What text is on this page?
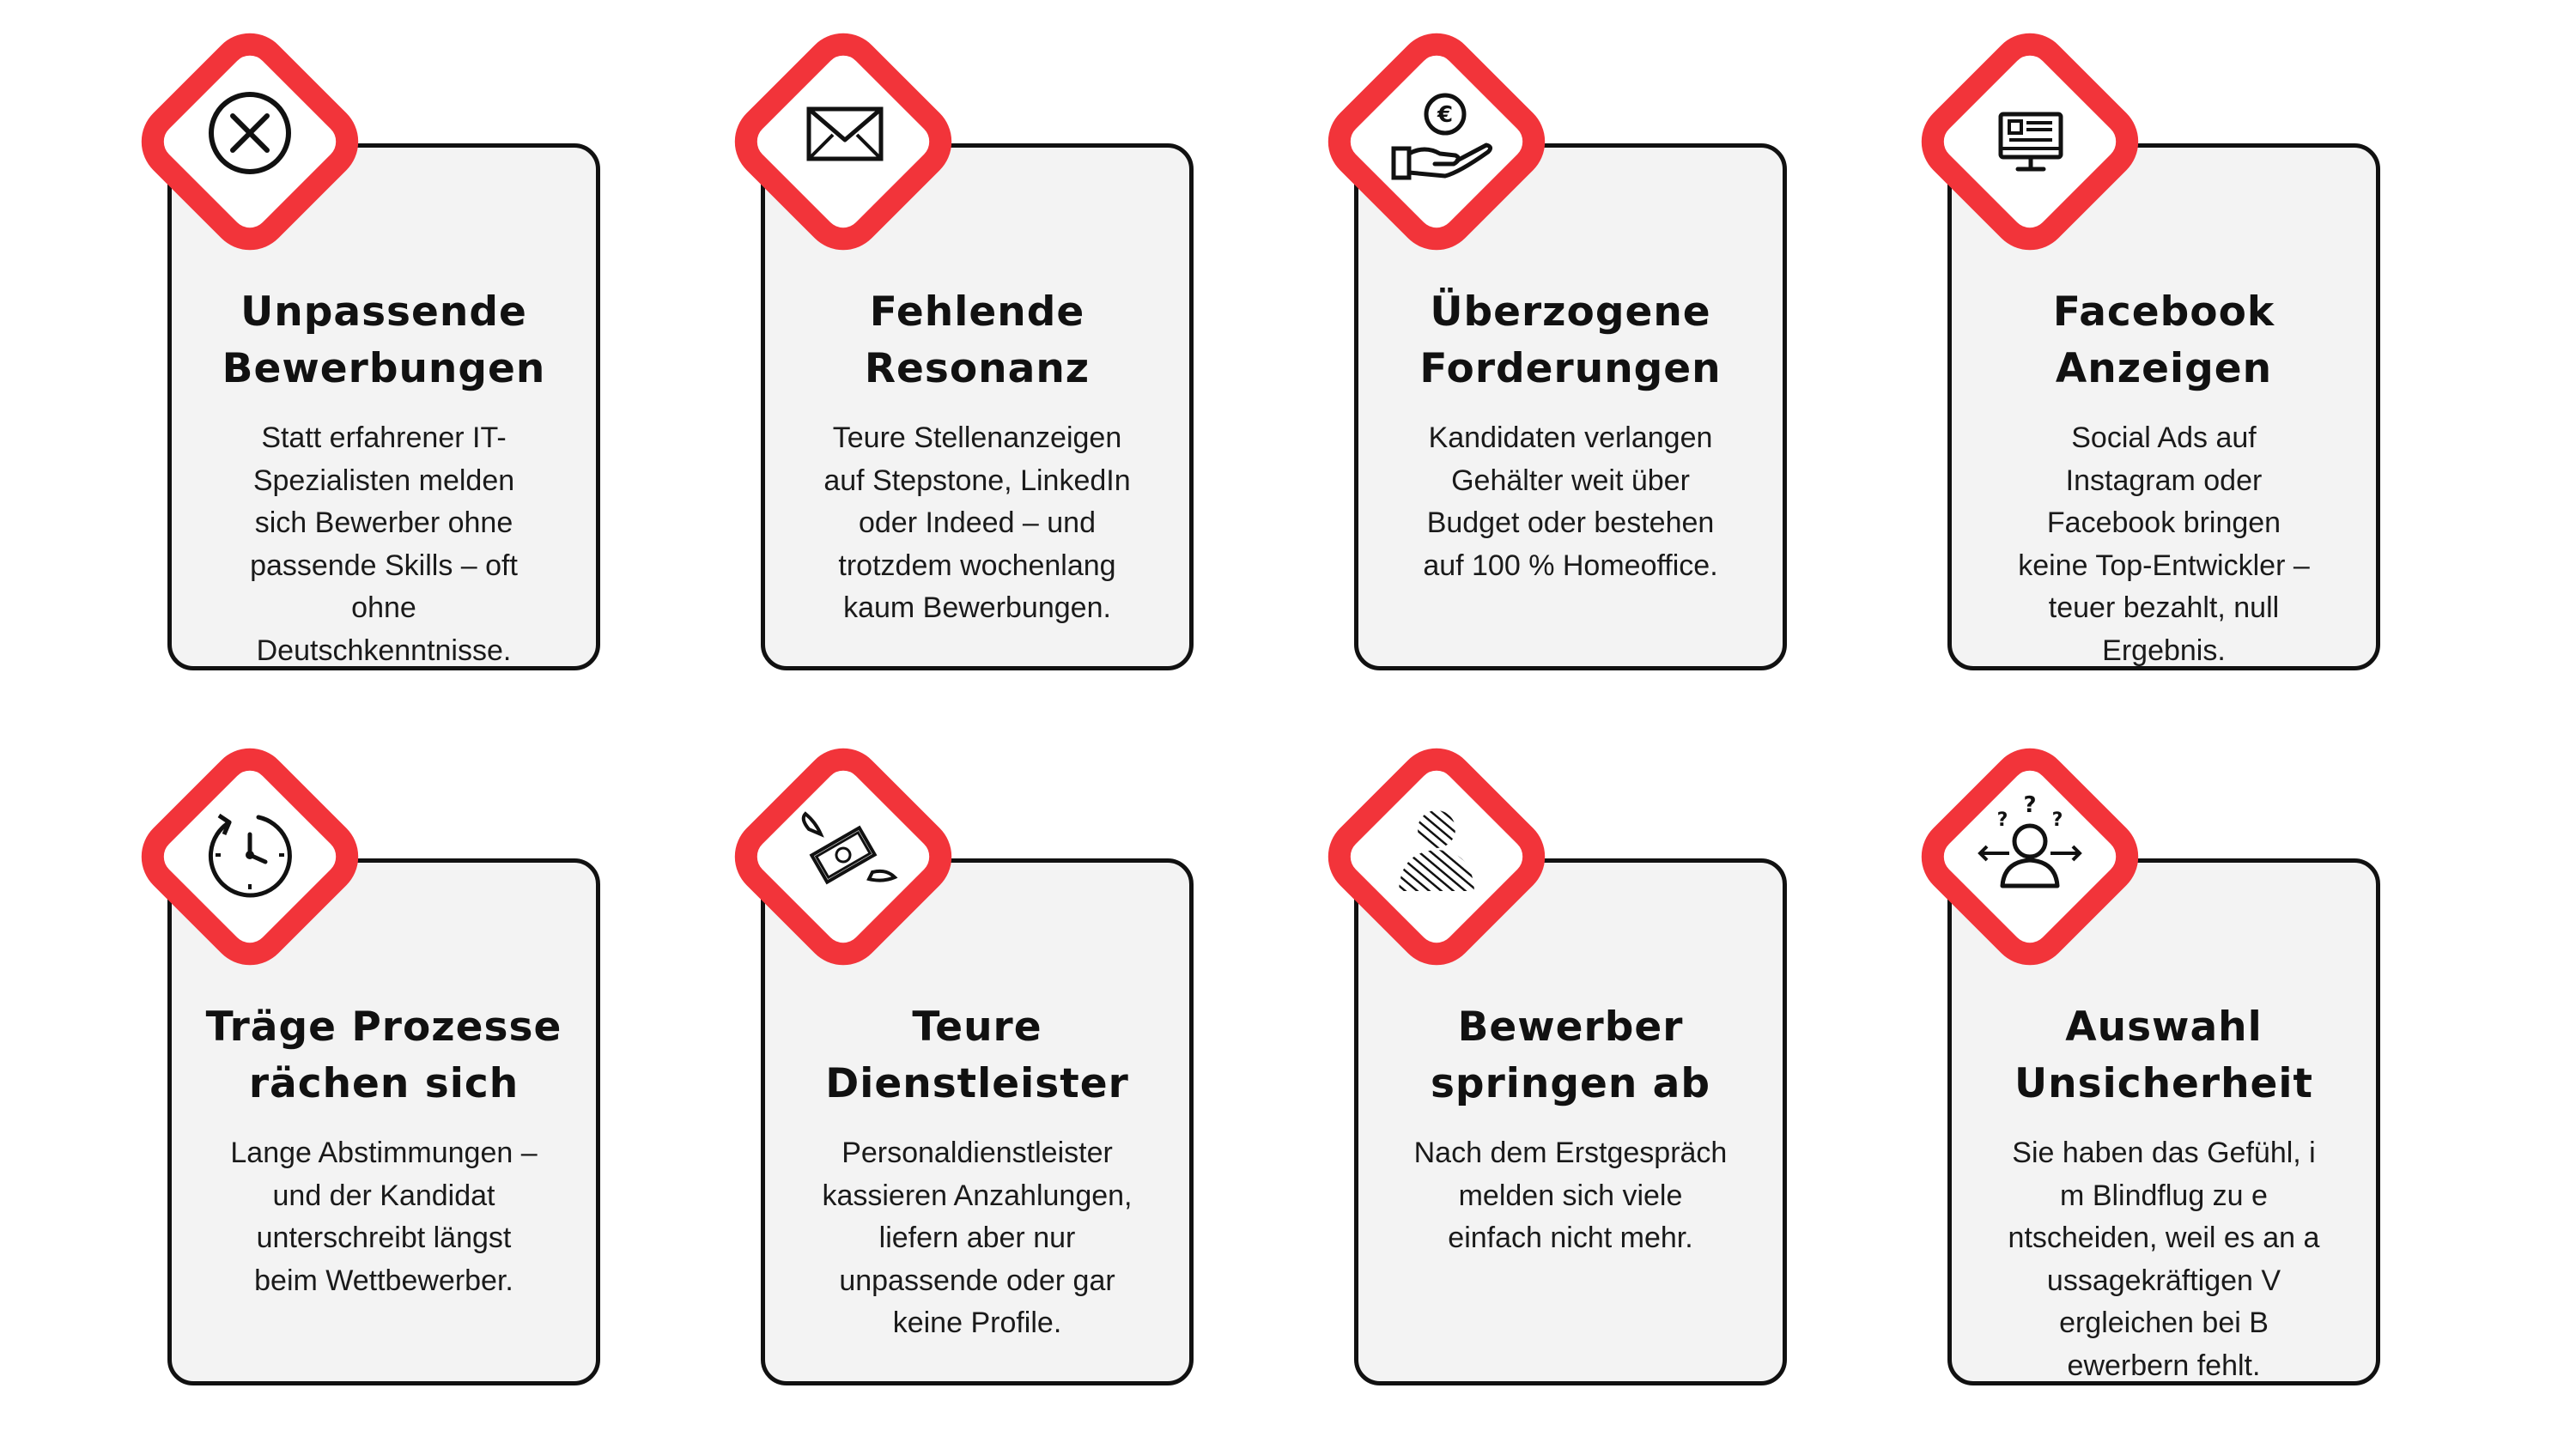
Unpassende
Bewerbungen

Statt erfahrener IT-
Spezialisten melden
sich Bewerber ohne
passende Skills – oft
ohne
Deutschkenntnisse.

Fehlende
Resonanz

Teure Stellenanzeigen
auf Stepstone, LinkedIn
oder Indeed – und
trotzdem wochenlang
kaum Bewerbungen.

Überzogene
Forderungen

Kandidaten verlangen
Gehälter weit über
Budget oder bestehen
auf 100 % Homeoffice.

Facebook
Anzeigen

Social Ads auf
Instagram oder
Facebook bringen
keine Top-Entwickler –
teuer bezahlt, null
Ergebnis.

Träge Prozesse
rächen sich

Lange Abstimmungen –
und der Kandidat
unterschreibt längst
beim Wettbewerber.

Teure
Dienstleister

Personaldienstleister
kassieren Anzahlungen,
liefern aber nur
unpassende oder gar
keine Profile.

Bewerber
springen ab

Nach dem Erstgespräch
melden sich viele
einfach nicht mehr.

Auswahl
Unsicherheit

Sie haben das Gefühl, i
m Blindflug zu e
ntscheiden, weil es an a
ussagekräftigen V
ergleichen bei B
ewerbern fehlt.

€
?
? ?
